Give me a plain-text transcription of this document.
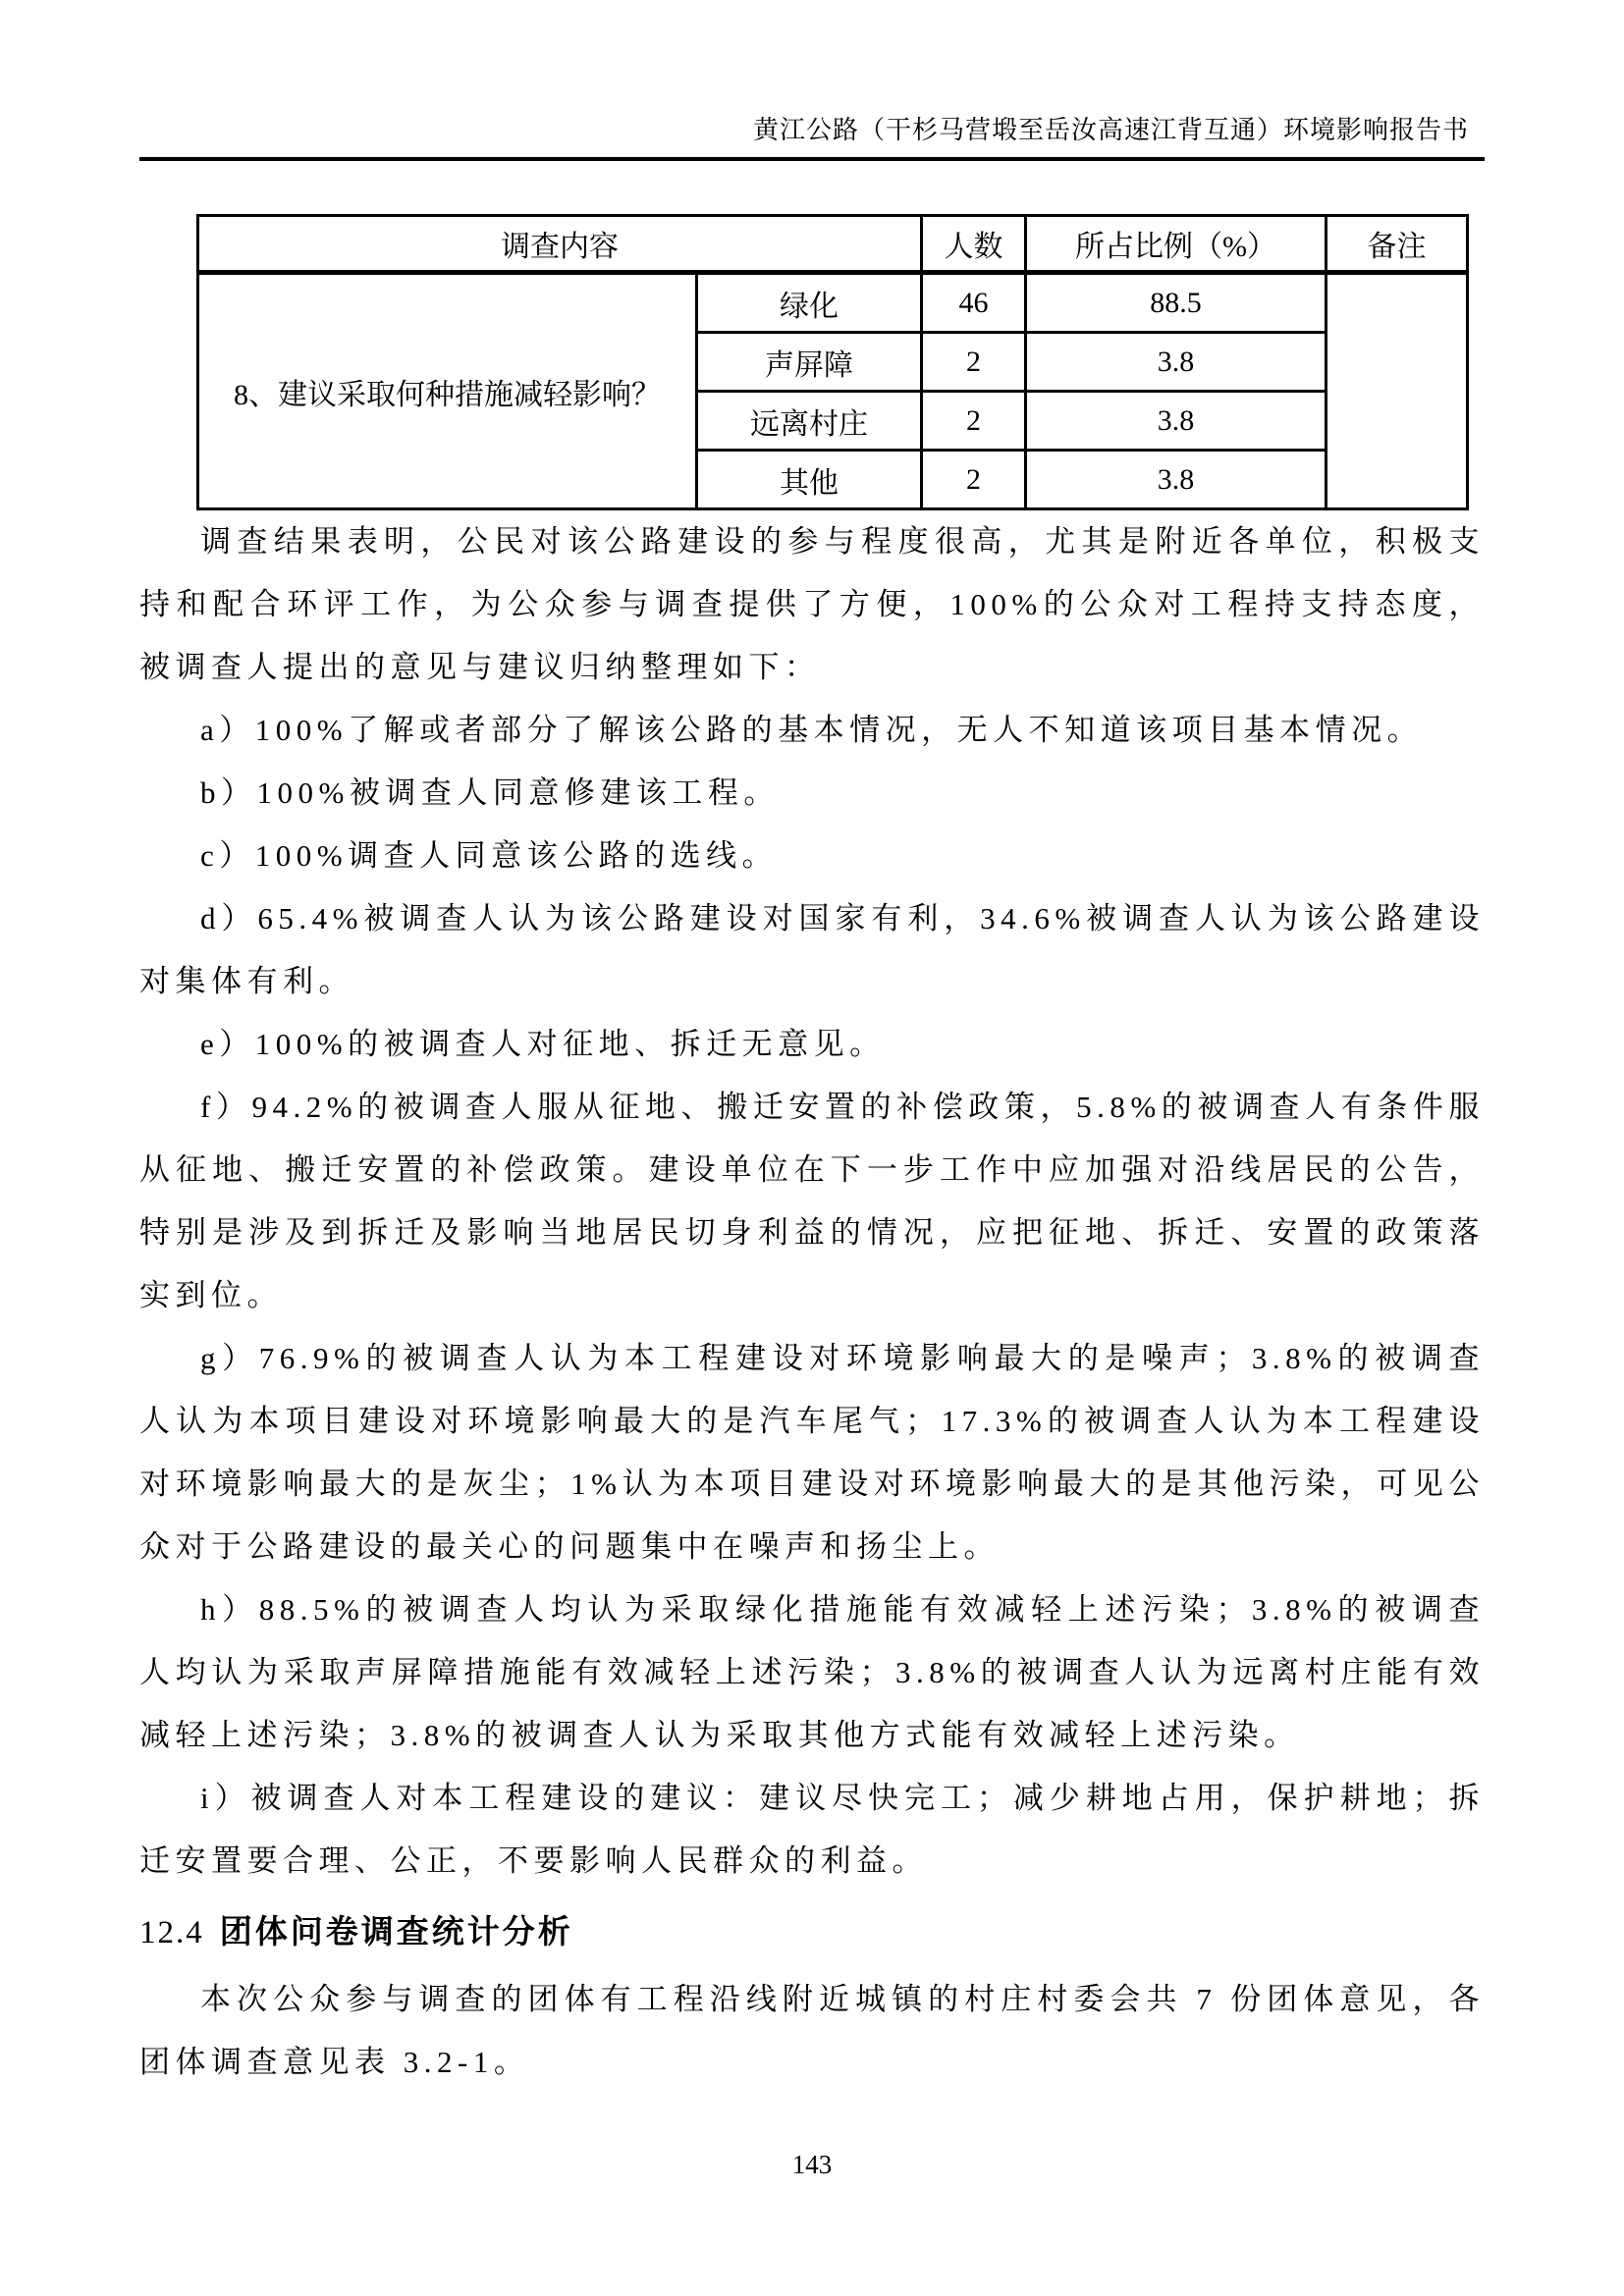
黄江公路（干杉马营塅至岳汝高速江背互通）环境影响报告书
调查内容		人数	所占比例（%）	备注
8、建议采取何种措施减轻影响？	绿化	46	88.5	
	声屏障	2	3.8	
	远离村庄	2	3.8	
	其他	2	3.8	

调查结果表明，公民对该公路建设的参与程度很高，尤其是附近各单位，积极支持和配合环评工作，为公众参与调查提供了方便，100%的公众对工程持支持态度，被调查人提出的意见与建议归纳整理如下：

a）100%了解或者部分了解该公路的基本情况，无人不知道该项目基本情况。

b）100%被调查人同意修建该工程。

c）100%调查人同意该公路的选线。

d）65.4%被调查人认为该公路建设对国家有利，34.6%被调查人认为该公路建设对集体有利。

e）100%的被调查人对征地、拆迁无意见。

f）94.2%的被调查人服从征地、搬迁安置的补偿政策，5.8%的被调查人有条件服从征地、搬迁安置的补偿政策。建设单位在下一步工作中应加强对沿线居民的公告，特别是涉及到拆迁及影响当地居民切身利益的情况，应把征地、拆迁、安置的政策落实到位。

g）76.9%的被调查人认为本工程建设对环境影响最大的是噪声；3.8%的被调查人认为本项目建设对环境影响最大的是汽车尾气；17.3%的被调查人认为本工程建设对环境影响最大的是灰尘；1%认为本项目建设对环境影响最大的是其他污染，可见公众对于公路建设的最关心的问题集中在噪声和扬尘上。

h）88.5%的被调查人均认为采取绿化措施能有效减轻上述污染；3.8%的被调查人均认为采取声屏障措施能有效减轻上述污染；3.8%的被调查人认为远离村庄能有效减轻上述污染；3.8%的被调查人认为采取其他方式能有效减轻上述污染。

i）被调查人对本工程建设的建议：建议尽快完工；减少耕地占用，保护耕地；拆迁安置要合理、公正，不要影响人民群众的利益。

12.4 团体问卷调查统计分析

本次公众参与调查的团体有工程沿线附近城镇的村庄村委会共 7 份团体意见，各团体调查意见表 3.2-1。

143
